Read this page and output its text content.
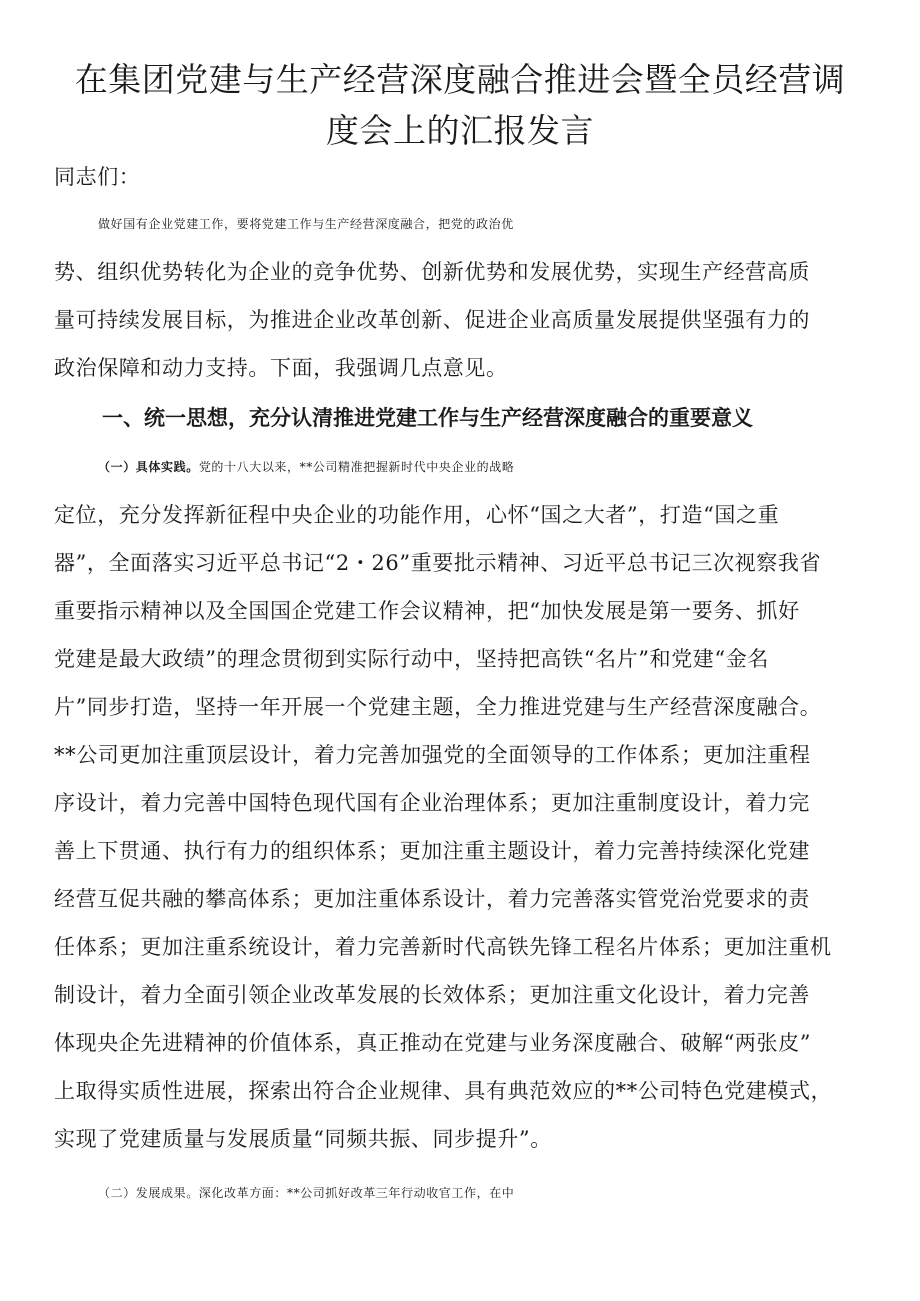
在集团党建与生产经营深度融合推进会暨全员经营调
度会上的汇报发言
同志们：
做好国有企业党建工作，要将党建工作与生产经营深度融合，把党的政治优
势、组织优势转化为企业的竞争优势、创新优势和发展优势，实现生产经营高质
量可持续发展目标，为推进企业改革创新、促进企业高质量发展提供坚强有力的
政治保障和动力支持。下面，我强调几点意见。
一、统一思想，充分认清推进党建工作与生产经营深度融合的重要意义
（一）具体实践。党的十八大以来，**公司精准把握新时代中央企业的战略
定位，充分发挥新征程中央企业的功能作用，心怀“国之大者”，打造“国之重
器”，全面落实习近平总书记“2・26”重要批示精神、习近平总书记三次视察我省
重要指示精神以及全国国企党建工作会议精神，把“加快发展是第一要务、抓好
党建是最大政绩”的理念贯彻到实际行动中，坚持把高铁“名片”和党建“金名
片”同步打造，坚持一年开展一个党建主题，全力推进党建与生产经营深度融合。
**公司更加注重顶层设计，着力完善加强党的全面领导的工作体系；更加注重程
序设计，着力完善中国特色现代国有企业治理体系；更加注重制度设计，着力完
善上下贯通、执行有力的组织体系；更加注重主题设计，着力完善持续深化党建
经营互促共融的攀高体系；更加注重体系设计，着力完善落实管党治党要求的责
任体系；更加注重系统设计，着力完善新时代高铁先锋工程名片体系；更加注重机
制设计，着力全面引领企业改革发展的长效体系；更加注重文化设计，着力完善
体现央企先进精神的价值体系，真正推动在党建与业务深度融合、破解“两张皮”
上取得实质性进展，探索出符合企业规律、具有典范效应的**公司特色党建模式，
实现了党建质量与发展质量“同频共振、同步提升”。
（二）发展成果。深化改革方面：**公司抓好改革三年行动收官工作，在中
